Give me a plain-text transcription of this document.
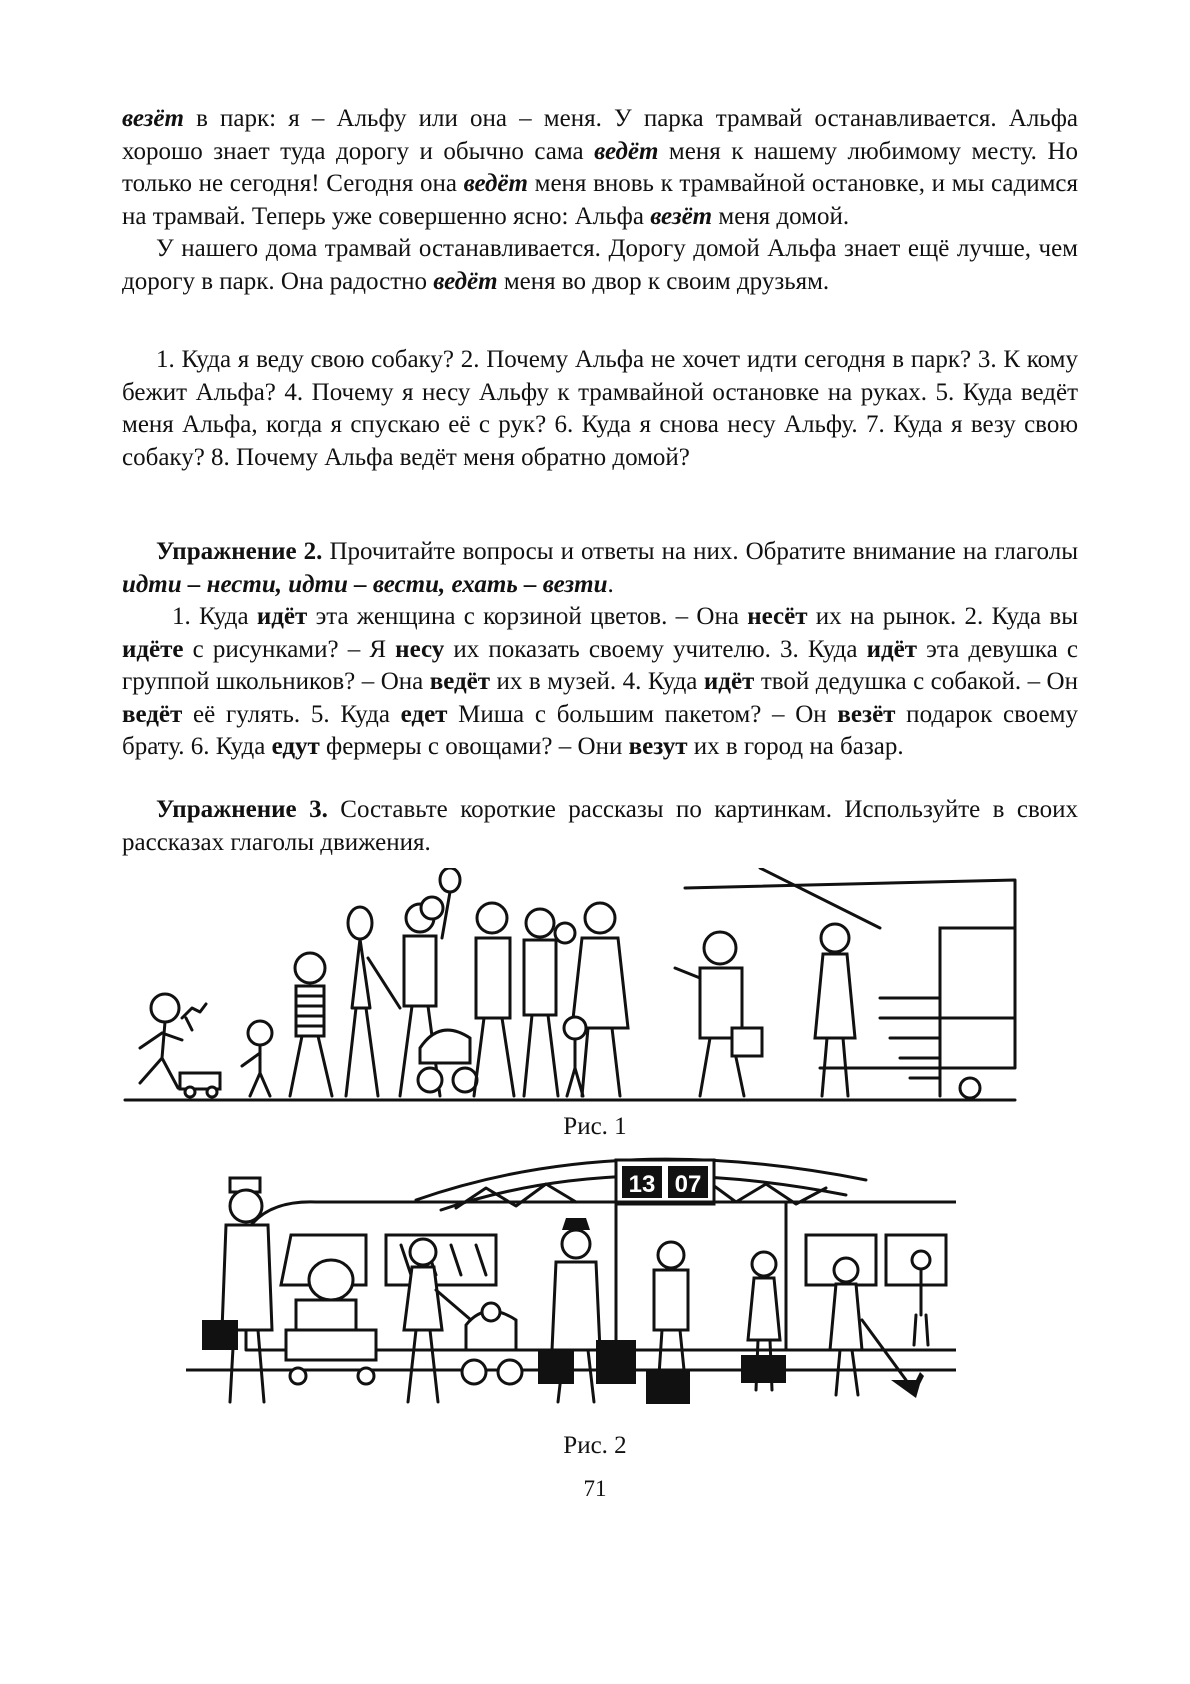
везёт в парк: я – Альфу или она – меня. У парка трамвай останавливается. Альфа хорошо знает туда дорогу и обычно сама ведёт меня к нашему любимому месту. Но только не сегодня! Сегодня она ведёт меня вновь к трамвайной остановке, и мы садимся на трамвай. Теперь уже совершенно ясно: Альфа везёт меня домой.

У нашего дома трамвай останавливается. Дорогу домой Альфа знает ещё лучше, чем дорогу в парк. Она радостно ведёт меня во двор к своим друзьям.

1. Куда я веду свою собаку? 2. Почему Альфа не хочет идти сегодня в парк? 3. К кому бежит Альфа? 4. Почему я несу Альфу к трамвайной остановке на руках. 5. Куда ведёт меня Альфа, когда я спускаю её с рук? 6. Куда я снова несу Альфу. 7. Куда я везу свою собаку? 8. Почему Альфа ведёт меня обратно домой?

Упражнение 2. Прочитайте вопросы и ответы на них. Обратите внимание на глаголы идти – нести, идти – вести, ехать – везти.

1. Куда идёт эта женщина с корзиной цветов. – Она несёт их на рынок. 2. Куда вы идёте с рисунками? – Я несу их показать своему учителю. 3. Куда идёт эта девушка с группой школьников? – Она ведёт их в музей. 4. Куда идёт твой дедушка с собакой. – Он ведёт её гулять. 5. Куда едет Миша с большим пакетом? – Он везёт подарок своему брату. 6. Куда едут фермеры с овощами? – Они везут их в город на базар.

Упражнение 3. Составьте короткие рассказы по картинкам. Используйте в своих рассказах глаголы движения.

Рис. 1
13 07
Рис. 2
71
